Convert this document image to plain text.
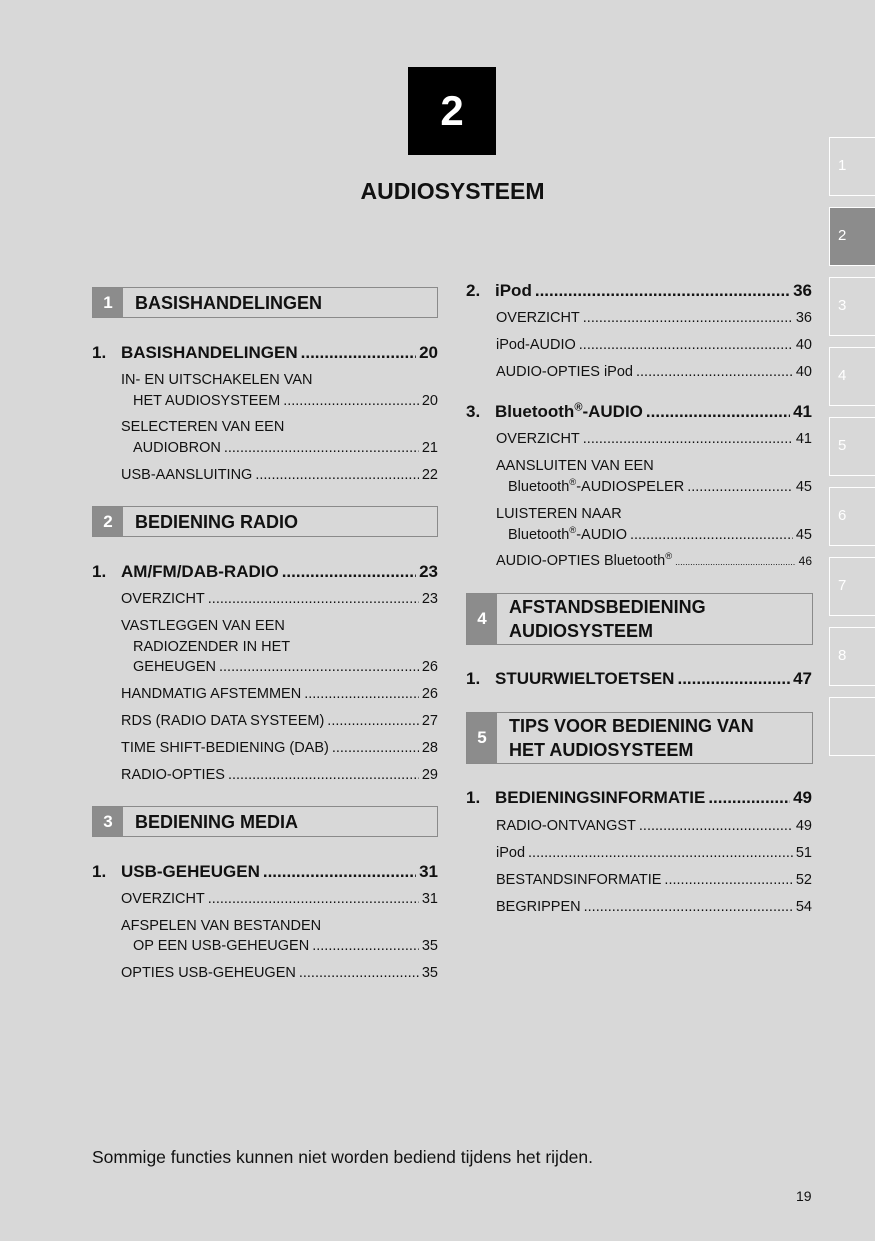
2
AUDIOSYSTEEM
1
2
3
4
5
6
7
8
1	BASISHANDELINGEN
1. BASISHANDELINGEN .....	20
IN- EN UITSCHAKELEN VAN
HET AUDIOSYSTEEM .....	20
SELECTEREN VAN EEN
AUDIOBRON .....	21
USB-AANSLUITING .....	22
2	BEDIENING RADIO
1. AM/FM/DAB-RADIO .....	23
OVERZICHT .....	23
VASTLEGGEN VAN EEN
RADIOZENDER IN HET
GEHEUGEN .....	26
HANDMATIG AFSTEMMEN .....	26
RDS (RADIO DATA SYSTEEM) .....	27
TIME SHIFT-BEDIENING (DAB) .....	28
RADIO-OPTIES .....	29
3	BEDIENING MEDIA
1. USB-GEHEUGEN .....	31
OVERZICHT .....	31
AFSPELEN VAN BESTANDEN
OP EEN USB-GEHEUGEN .....	35
OPTIES USB-GEHEUGEN .....	35
2. iPod .....	36
OVERZICHT .....	36
iPod-AUDIO .....	40
AUDIO-OPTIES iPod .....	40
3. Bluetooth®-AUDIO .....	41
OVERZICHT .....	41
AANSLUITEN VAN EEN
Bluetooth®-AUDIOSPELER .....	45
LUISTEREN NAAR
Bluetooth®-AUDIO .....	45
AUDIO-OPTIES Bluetooth® .....	46
4
AFSTANDSBEDIENING
AUDIOSYSTEEM
1. STUURWIELTOETSEN .....	47
5
TIPS VOOR BEDIENING VAN
HET AUDIOSYSTEEM
1. BEDIENINGSINFORMATIE .....	49
RADIO-ONTVANGST .....	49
iPod .....	51
BESTANDSINFORMATIE .....	52
BEGRIPPEN .....	54
Sommige functies kunnen niet worden bediend tijdens het rijden.
19
